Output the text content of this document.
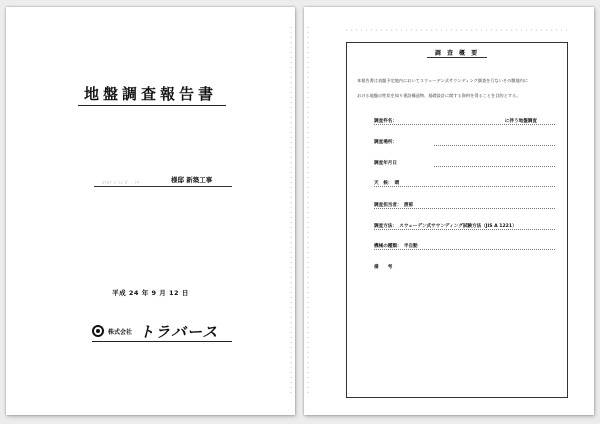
地盤調査報告書
ﾖｳﾎｳ ｼﾞﾕﾝ ｶﾞ . ﾄｳ	様邸 新築工事
平成 24 年 9 月 12 日
株式会社 トラバース
調 査 概 要

本報告書は表題予定地内においてスウェーデン式サウンディング調査を行ないその敷地内に

おける地盤の性状を知り建設構造物、基礎設計に関する資料を得ることを目的とする。

調査件名：	に伴う地盤調査
調査場所：
調査年月日
天　候：　晴
調査担当者：　渡部
調査方法：　スウェーデン式サウンディング試験方法（JIS A 1221）
機械の種類：　半自動
備　　考
